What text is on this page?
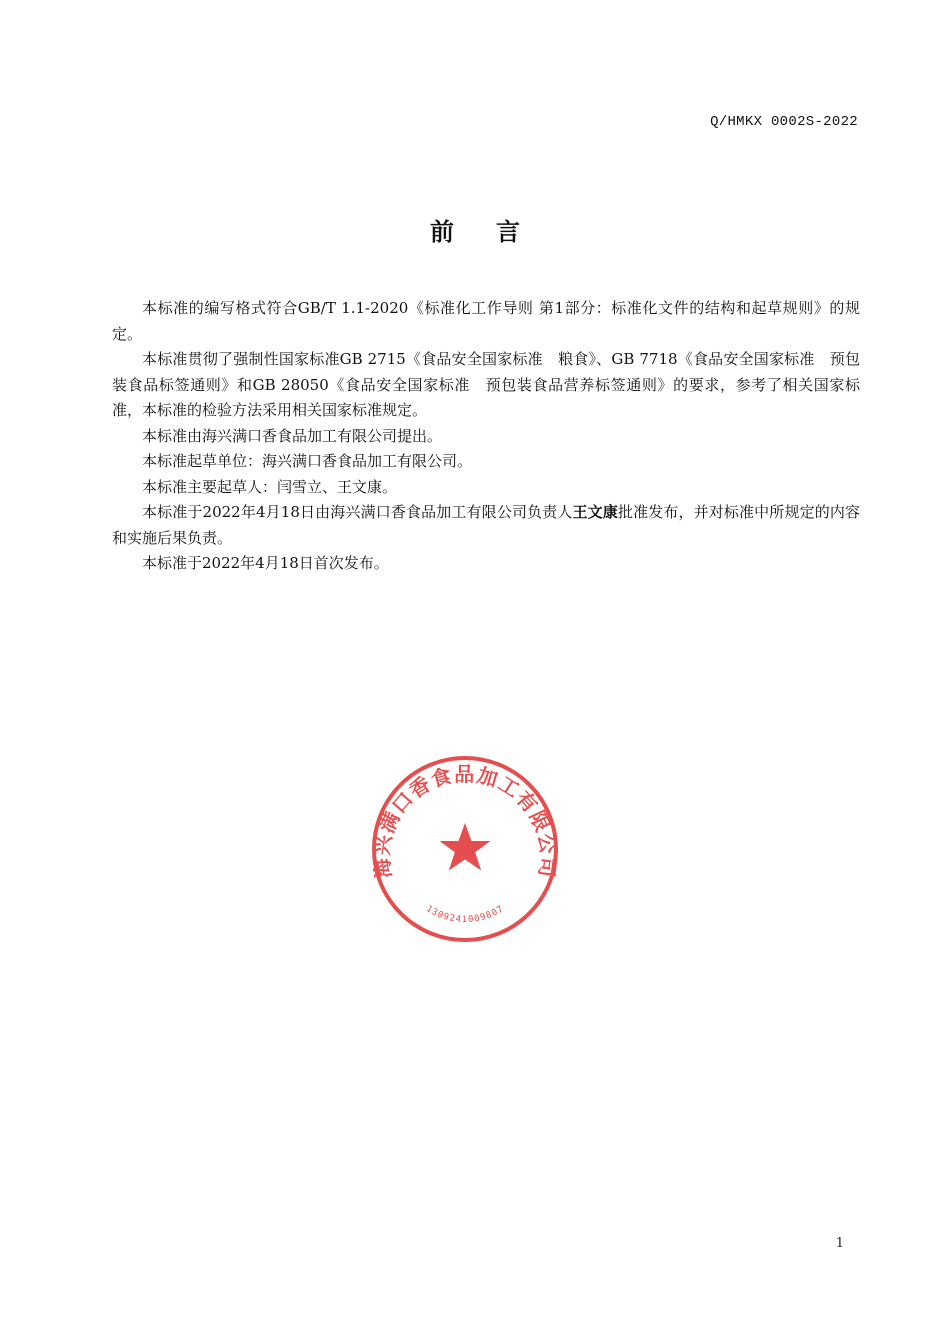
Q/HMKX 0002S-2022
前言

本标准的编写格式符合GB/T 1.1-2020《标准化工作导则 第1部分：标准化文件的结构和起草规则》的规定。

本标准贯彻了强制性国家标准GB 2715《食品安全国家标准　粮食》、GB 7718《食品安全国家标准　预包装食品标签通则》和GB 28050《食品安全国家标准　预包装食品营养标签通则》的要求，参考了相关国家标准，本标准的检验方法采用相关国家标准规定。

本标准由海兴满口香食品加工有限公司提出。

本标准起草单位：海兴满口香食品加工有限公司。

本标准主要起草人：闫雪立、王文康。

本标准于2022年4月18日由海兴满口香食品加工有限公司负责人王文康批准发布，并对标准中所规定的内容和实施后果负责。

本标准于2022年4月18日首次发布。

海兴满口香食品加工有限公司
1309241009807
1
